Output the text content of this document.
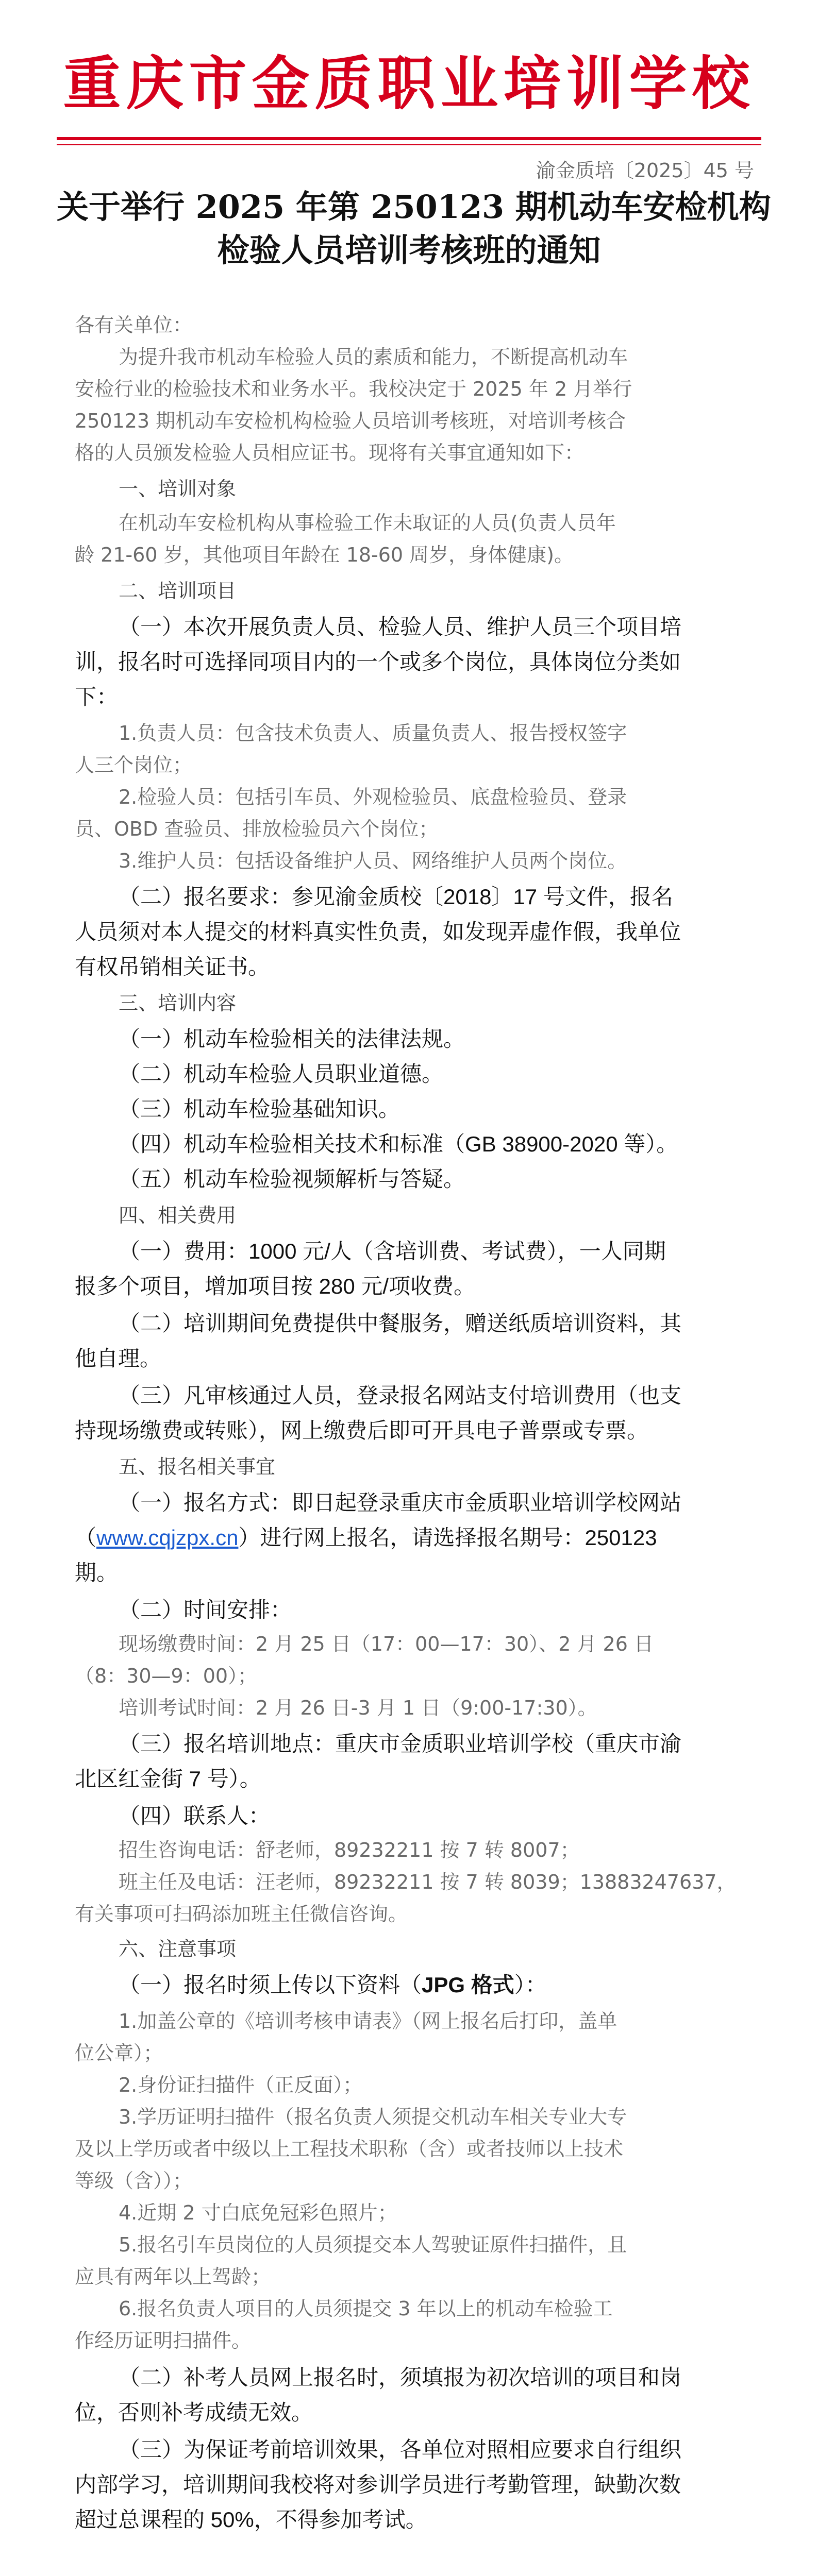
重庆市金质职业培训学校
渝金质培〔2025〕45 号
关于举行 2025 年第 250123 期机动车安检机构
检验人员培训考核班的通知
各有关单位：
为提升我市机动车检验人员的素质和能力，不断提高机动车
安检行业的检验技术和业务水平。我校决定于 2025 年 2 月举行
250123 期机动车安检机构检验人员培训考核班，对培训考核合
格的人员颁发检验人员相应证书。现将有关事宜通知如下：
一、培训对象
在机动车安检机构从事检验工作未取证的人员(负责人员年
龄 21-60 岁，其他项目年龄在 18-60 周岁，身体健康)。
二、培训项目
（一）本次开展负责人员、检验人员、维护人员三个项目培
训，报名时可选择同项目内的一个或多个岗位，具体岗位分类如
下：
1.负责人员：包含技术负责人、质量负责人、报告授权签字
人三个岗位；
2.检验人员：包括引车员、外观检验员、底盘检验员、登录
员、OBD 查验员、排放检验员六个岗位；
3.维护人员：包括设备维护人员、网络维护人员两个岗位。
（二）报名要求：参见渝金质校〔2018〕17 号文件，报名
人员须对本人提交的材料真实性负责，如发现弄虚作假，我单位
有权吊销相关证书。
三、培训内容
（一）机动车检验相关的法律法规。
（二）机动车检验人员职业道德。
（三）机动车检验基础知识。
（四）机动车检验相关技术和标准（GB 38900-2020 等）。
（五）机动车检验视频解析与答疑。
四、相关费用
（一）费用：1000 元/人（含培训费、考试费），一人同期
报多个项目，增加项目按 280 元/项收费。
（二）培训期间免费提供中餐服务，赠送纸质培训资料，其
他自理。
（三）凡审核通过人员，登录报名网站支付培训费用（也支
持现场缴费或转账），网上缴费后即可开具电子普票或专票。
五、报名相关事宜
（一）报名方式：即日起登录重庆市金质职业培训学校网站
（www.cqjzpx.cn）进行网上报名，请选择报名期号：250123
期。
（二）时间安排：
现场缴费时间：2 月 25 日（17：00—17：30）、2 月 26 日
（8：30—9：00）；
培训考试时间：2 月 26 日-3 月 1 日（9:00-17:30）。
（三）报名培训地点：重庆市金质职业培训学校（重庆市渝
北区红金街 7 号）。
（四）联系人：
招生咨询电话：舒老师，89232211 按 7 转 8007；
班主任及电话：汪老师，89232211 按 7 转 8039；13883247637，
有关事项可扫码添加班主任微信咨询。
六、注意事项
（一）报名时须上传以下资料（JPG 格式）：
1.加盖公章的《培训考核申请表》（网上报名后打印，盖单
位公章）；
2.身份证扫描件（正反面）；
3.学历证明扫描件（报名负责人须提交机动车相关专业大专
及以上学历或者中级以上工程技术职称（含）或者技师以上技术
等级（含））；
4.近期 2 寸白底免冠彩色照片；
5.报名引车员岗位的人员须提交本人驾驶证原件扫描件，且
应具有两年以上驾龄；
6.报名负责人项目的人员须提交 3 年以上的机动车检验工
作经历证明扫描件。
（二）补考人员网上报名时，须填报为初次培训的项目和岗
位，否则补考成绩无效。
（三）为保证考前培训效果，各单位对照相应要求自行组织
内部学习，培训期间我校将对参训学员进行考勤管理，缺勤次数
超过总课程的 50%，不得参加考试。
